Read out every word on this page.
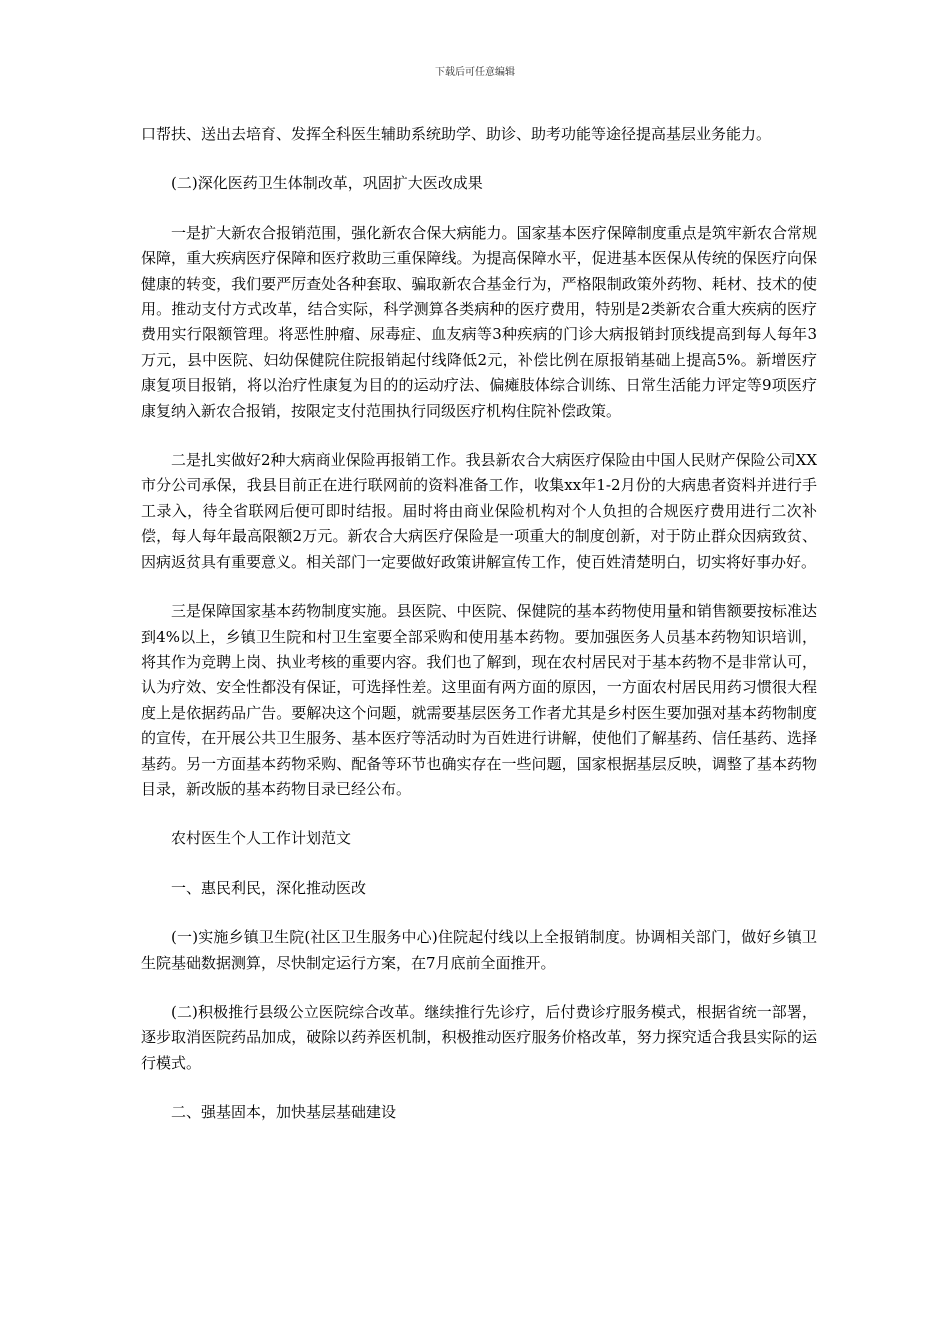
下载后可任意编辑

口帮扶、送出去培育、发挥全科医生辅助系统助学、助诊、助考功能等途径提高基层业务能力。

(二)深化医药卫生体制改革，巩固扩大医改成果

一是扩大新农合报销范围，强化新农合保大病能力。国家基本医疗保障制度重点是筑牢新农合常规保障，重大疾病医疗保障和医疗救助三重保障线。为提高保障水平，促进基本医保从传统的保医疗向保健康的转变，我们要严厉查处各种套取、骗取新农合基金行为，严格限制政策外药物、耗材、技术的使用。推动支付方式改革，结合实际，科学测算各类病种的医疗费用，特别是2类新农合重大疾病的医疗费用实行限额管理。将恶性肿瘤、尿毒症、血友病等3种疾病的门诊大病报销封顶线提高到每人每年3万元，县中医院、妇幼保健院住院报销起付线降低2元，补偿比例在原报销基础上提高5%。新增医疗康复项目报销，将以治疗性康复为目的的运动疗法、偏瘫肢体综合训练、日常生活能力评定等9项医疗康复纳入新农合报销，按限定支付范围执行同级医疗机构住院补偿政策。

二是扎实做好2种大病商业保险再报销工作。我县新农合大病医疗保险由中国人民财产保险公司XX市分公司承保，我县目前正在进行联网前的资料准备工作，收集xx年1-2月份的大病患者资料并进行手工录入，待全省联网后便可即时结报。届时将由商业保险机构对个人负担的合规医疗费用进行二次补偿，每人每年最高限额2万元。新农合大病医疗保险是一项重大的制度创新，对于防止群众因病致贫、因病返贫具有重要意义。相关部门一定要做好政策讲解宣传工作，使百姓清楚明白，切实将好事办好。

三是保障国家基本药物制度实施。县医院、中医院、保健院的基本药物使用量和销售额要按标准达到4%以上，乡镇卫生院和村卫生室要全部采购和使用基本药物。要加强医务人员基本药物知识培训，将其作为竞聘上岗、执业考核的重要内容。我们也了解到，现在农村居民对于基本药物不是非常认可，认为疗效、安全性都没有保证，可选择性差。这里面有两方面的原因，一方面农村居民用药习惯很大程度上是依据药品广告。要解决这个问题，就需要基层医务工作者尤其是乡村医生要加强对基本药物制度的宣传，在开展公共卫生服务、基本医疗等活动时为百姓进行讲解，使他们了解基药、信任基药、选择基药。另一方面基本药物采购、配备等环节也确实存在一些问题，国家根据基层反映，调整了基本药物目录，新改版的基本药物目录已经公布。

农村医生个人工作计划范文

一、惠民利民，深化推动医改

(一)实施乡镇卫生院(社区卫生服务中心)住院起付线以上全报销制度。协调相关部门，做好乡镇卫生院基础数据测算，尽快制定运行方案，在7月底前全面推开。

(二)积极推行县级公立医院综合改革。继续推行先诊疗，后付费诊疗服务模式，根据省统一部署，逐步取消医院药品加成，破除以药养医机制，积极推动医疗服务价格改革，努力探究适合我县实际的运行模式。

二、强基固本，加快基层基础建设
